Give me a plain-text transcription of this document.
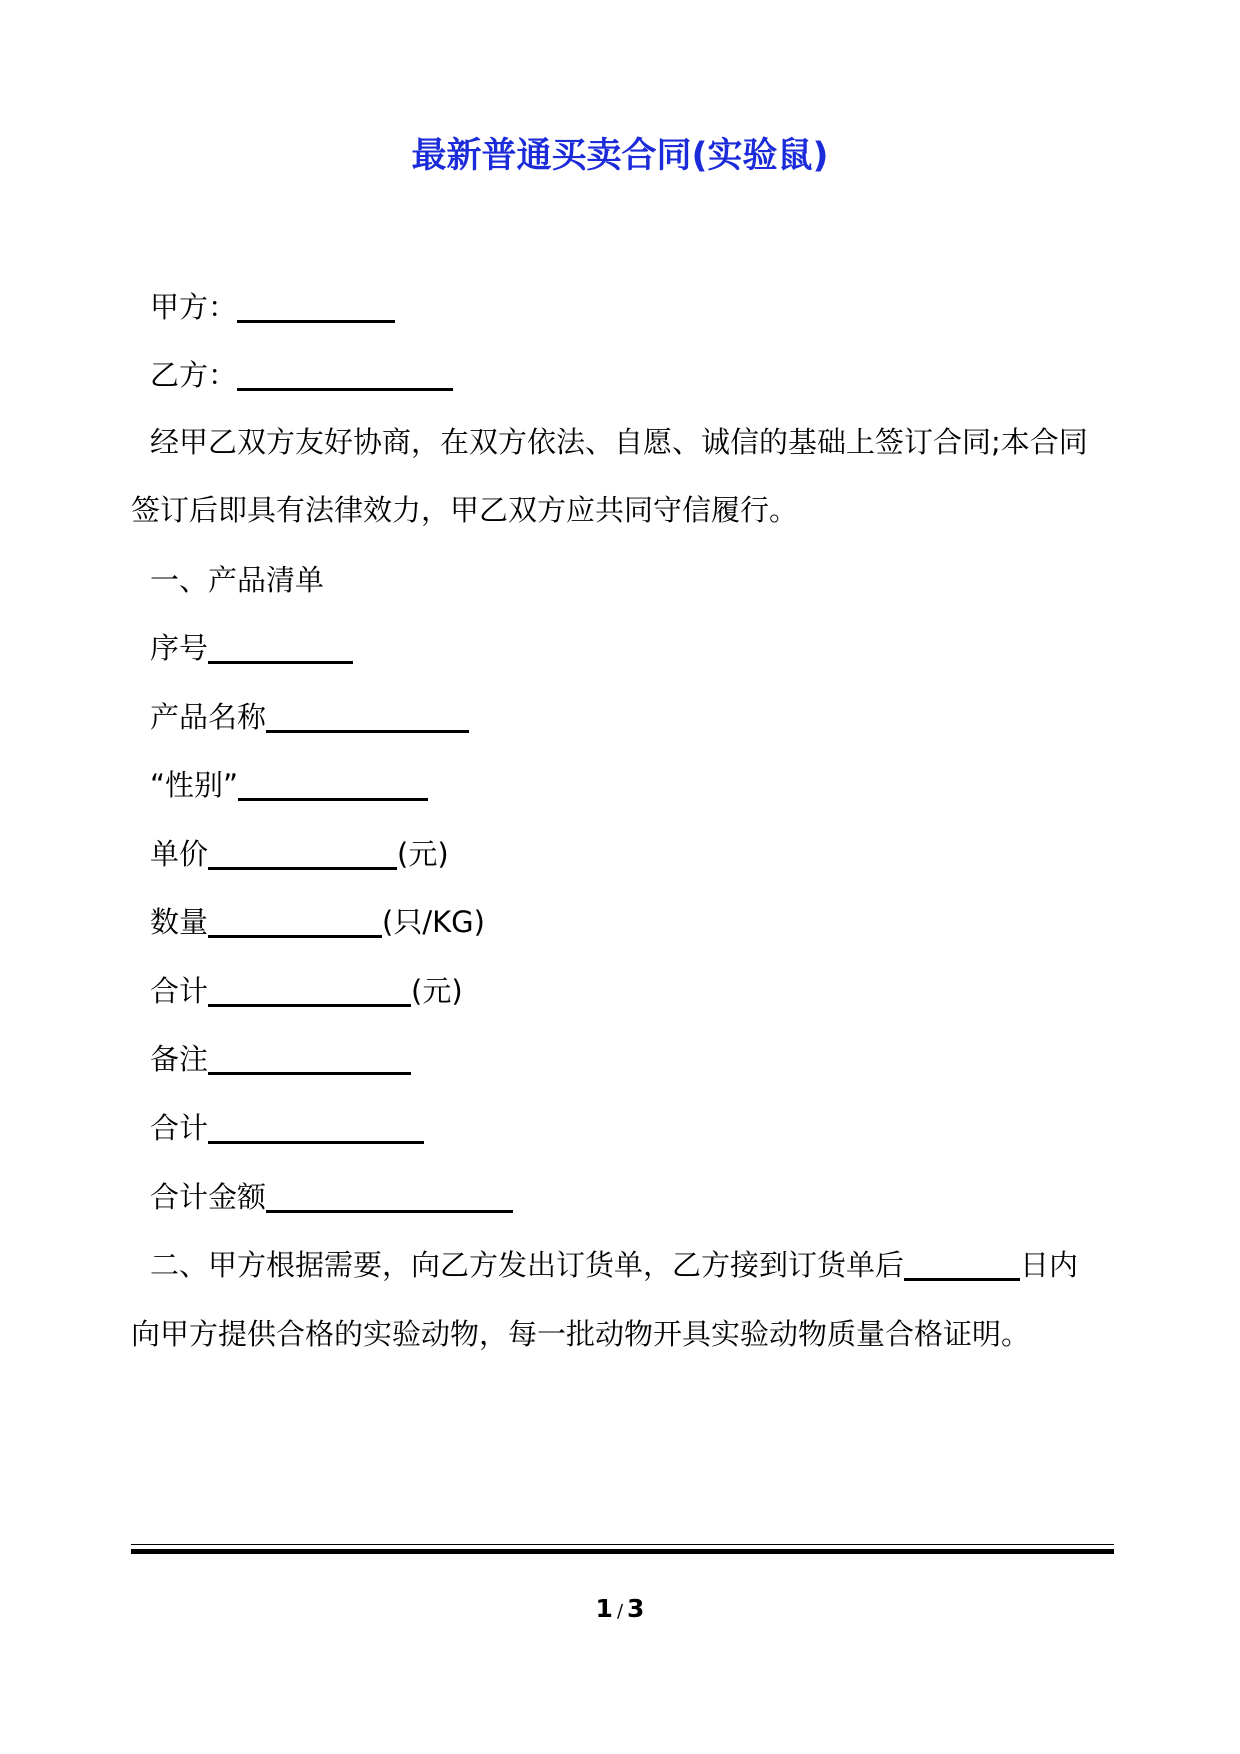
最新普通买卖合同(实验鼠)
甲方：
乙方：
经甲乙双方友好协商，在双方依法、自愿、诚信的基础上签订合同;本合同
签订后即具有法律效力，甲乙双方应共同守信履行。
一、产品清单
序号
产品名称
“性别”
单价	(元)
数量	(只/KG)
合计	(元)
备注
合计
合计金额
二、甲方根据需要，向乙方发出订货单，乙方接到订货单后	日内
向甲方提供合格的实验动物，每一批动物开具实验动物质量合格证明。
1 / 3
